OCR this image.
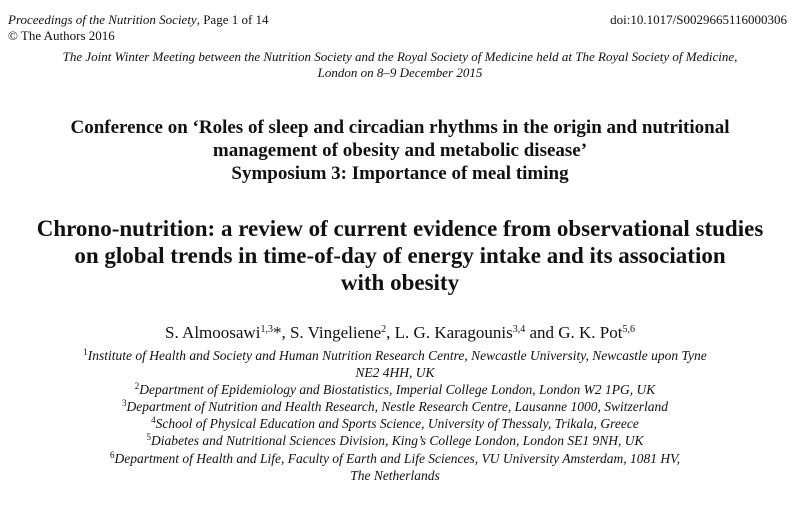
Proceedings of the Nutrition Society, Page 1 of 14
© The Authors 2016
doi:10.1017/S0029665116000306
The Joint Winter Meeting between the Nutrition Society and the Royal Society of Medicine held at The Royal Society of Medicine,
London on 8–9 December 2015
Conference on ‘Roles of sleep and circadian rhythms in the origin and nutritional
management of obesity and metabolic disease’
Symposium 3: Importance of meal timing
Chrono-nutrition: a review of current evidence from observational studies
on global trends in time-of-day of energy intake and its association
with obesity
S. Almoosawi$^{1,3}$*, S. Vingeliene$^2$, L. G. Karagounis$^{3,4}$ and G. K. Pot$^{5,6}$
$^1$Institute of Health and Society and Human Nutrition Research Centre, Newcastle University, Newcastle upon Tyne
NE2 4HH, UK
$^2$Department of Epidemiology and Biostatistics, Imperial College London, London W2 1PG, UK
$^3$Department of Nutrition and Health Research, Nestle Research Centre, Lausanne 1000, Switzerland
$^4$School of Physical Education and Sports Science, University of Thessaly, Trikala, Greece
$^5$Diabetes and Nutritional Sciences Division, King’s College London, London SE1 9NH, UK
$^6$Department of Health and Life, Faculty of Earth and Life Sciences, VU University Amsterdam, 1081 HV,
The Netherlands
